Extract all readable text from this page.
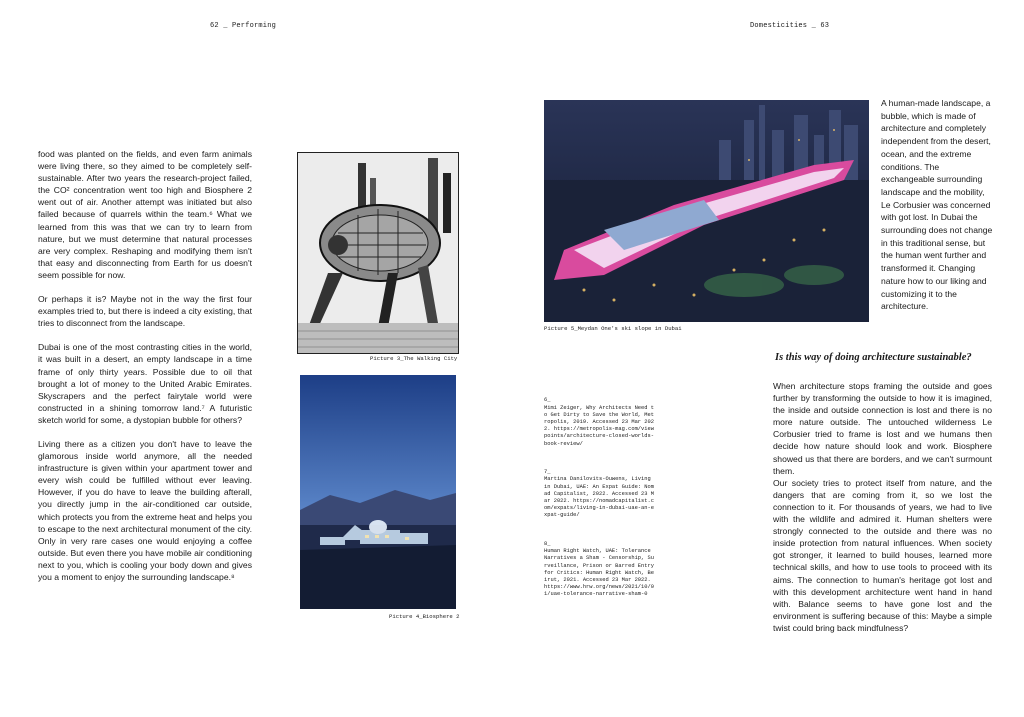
62 _ Performing

food was planted on the fields, and even farm animals were living there, so they aimed to be completely self-sustainable. After two years the research-project failed, the CO² concentration went too high and Biosphere 2 went out of air. Another attempt was initiated but also failed because of quarrels within the team.⁶ What we learned from this was that we can try to learn from nature, but we must determine that natural processes are very complex. Reshaping and modifying them isn't that easy and disconnecting from Earth for us doesn't seem possible for now.

Or perhaps it is? Maybe not in the way the first four examples tried to, but there is indeed a city existing, that tries to disconnect from the landscape.

Dubai is one of the most contrasting cities in the world, it was built in a desert, an empty landscape in a time frame of only thirty years. Possible due to oil that brought a lot of money to the United Arabic Emirates. Skyscrapers and the perfect fairytale world were constructed in a shining tomorrow land.⁷ A futuristic sketch world for some, a dystopian bubble for others?

Living there as a citizen you don't have to leave the glamorous inside world anymore, all the needed infrastructure is given within your apartment tower and every wish could be fulfilled without ever leaving. However, if you do have to leave the building afterall, you directly jump in the air-conditioned car outside, which protects you from the extreme heat and helps you to escape to the next architectural monument of the city. Only in very rare cases one would enjoying a coffee outside. But even there you have mobile air conditioning next to you, which is cooling your body down and gives you a moment to enjoy the surrounding landscape.⁸

Picture 3_The Walking City
Picture 4_Biosphere 2
Domesticities _ 63
Picture 5_Meydan One's ski slope in Dubai
A human-made landscape, a bubble, which is made of architecture and completely independent from the desert, ocean, and the extreme conditions. The exchangeable surrounding landscape and the mobility, Le Corbusier was concerned with got lost. In Dubai the surrounding does not change in this traditional sense, but the human went further and transformed it. Changing nature how to our liking and customizing it to the architecture.
Is this way of doing architecture sustainable?

6_
Mimi Zeiger, Why Architects Need to Get Dirty to Save the World, Metropolis, 2019. Accessed 23 Mar 2022. https://metropolis-mag.com/viewpoints/architecture-closed-worlds-book-review/

7_
Martina Danilovits-Ouwens, Living in Dubai, UAE: An Expat Guide: Nomad Capitalist, 2022. Accessed 23 Mar 2022. https://nomadcapitalist.com/expats/living-in-dubai-uae-an-expat-guide/

8_
Human Right Watch, UAE: Tolerance Narratives a Sham - Censorship, Surveillance, Prison or Barred Entry for Critics: Human Right Watch, Beirut, 2021. Accessed 23 Mar 2022. https://www.hrw.org/news/2021/10/01/uae-tolerance-narrative-sham-0

When architecture stops framing the outside and goes further by transforming the outside to how it is imagined, the inside and outside connection is lost and there is no more nature outside. The untouched wilderness Le Corbusier tried to frame is lost and we humans then decide how nature should look and work. Biosphere showed us that there are borders, and we can't surmount them.

Our society tries to protect itself from nature, and the dangers that are coming from it, so we lost the connection to it. For thousands of years, we had to live with the wildlife and admired it. Human shelters were strongly connected to the outside and there was no inside protection from natural influences. When society got stronger, it learned to build houses, learned more technical skills, and how to use tools to proceed with its aims. The connection to human's heritage got lost and with this development architecture went hand in hand with. Balance seems to have gone lost and the environment is suffering because of this: Maybe a simple twist could bring back mindfulness?
